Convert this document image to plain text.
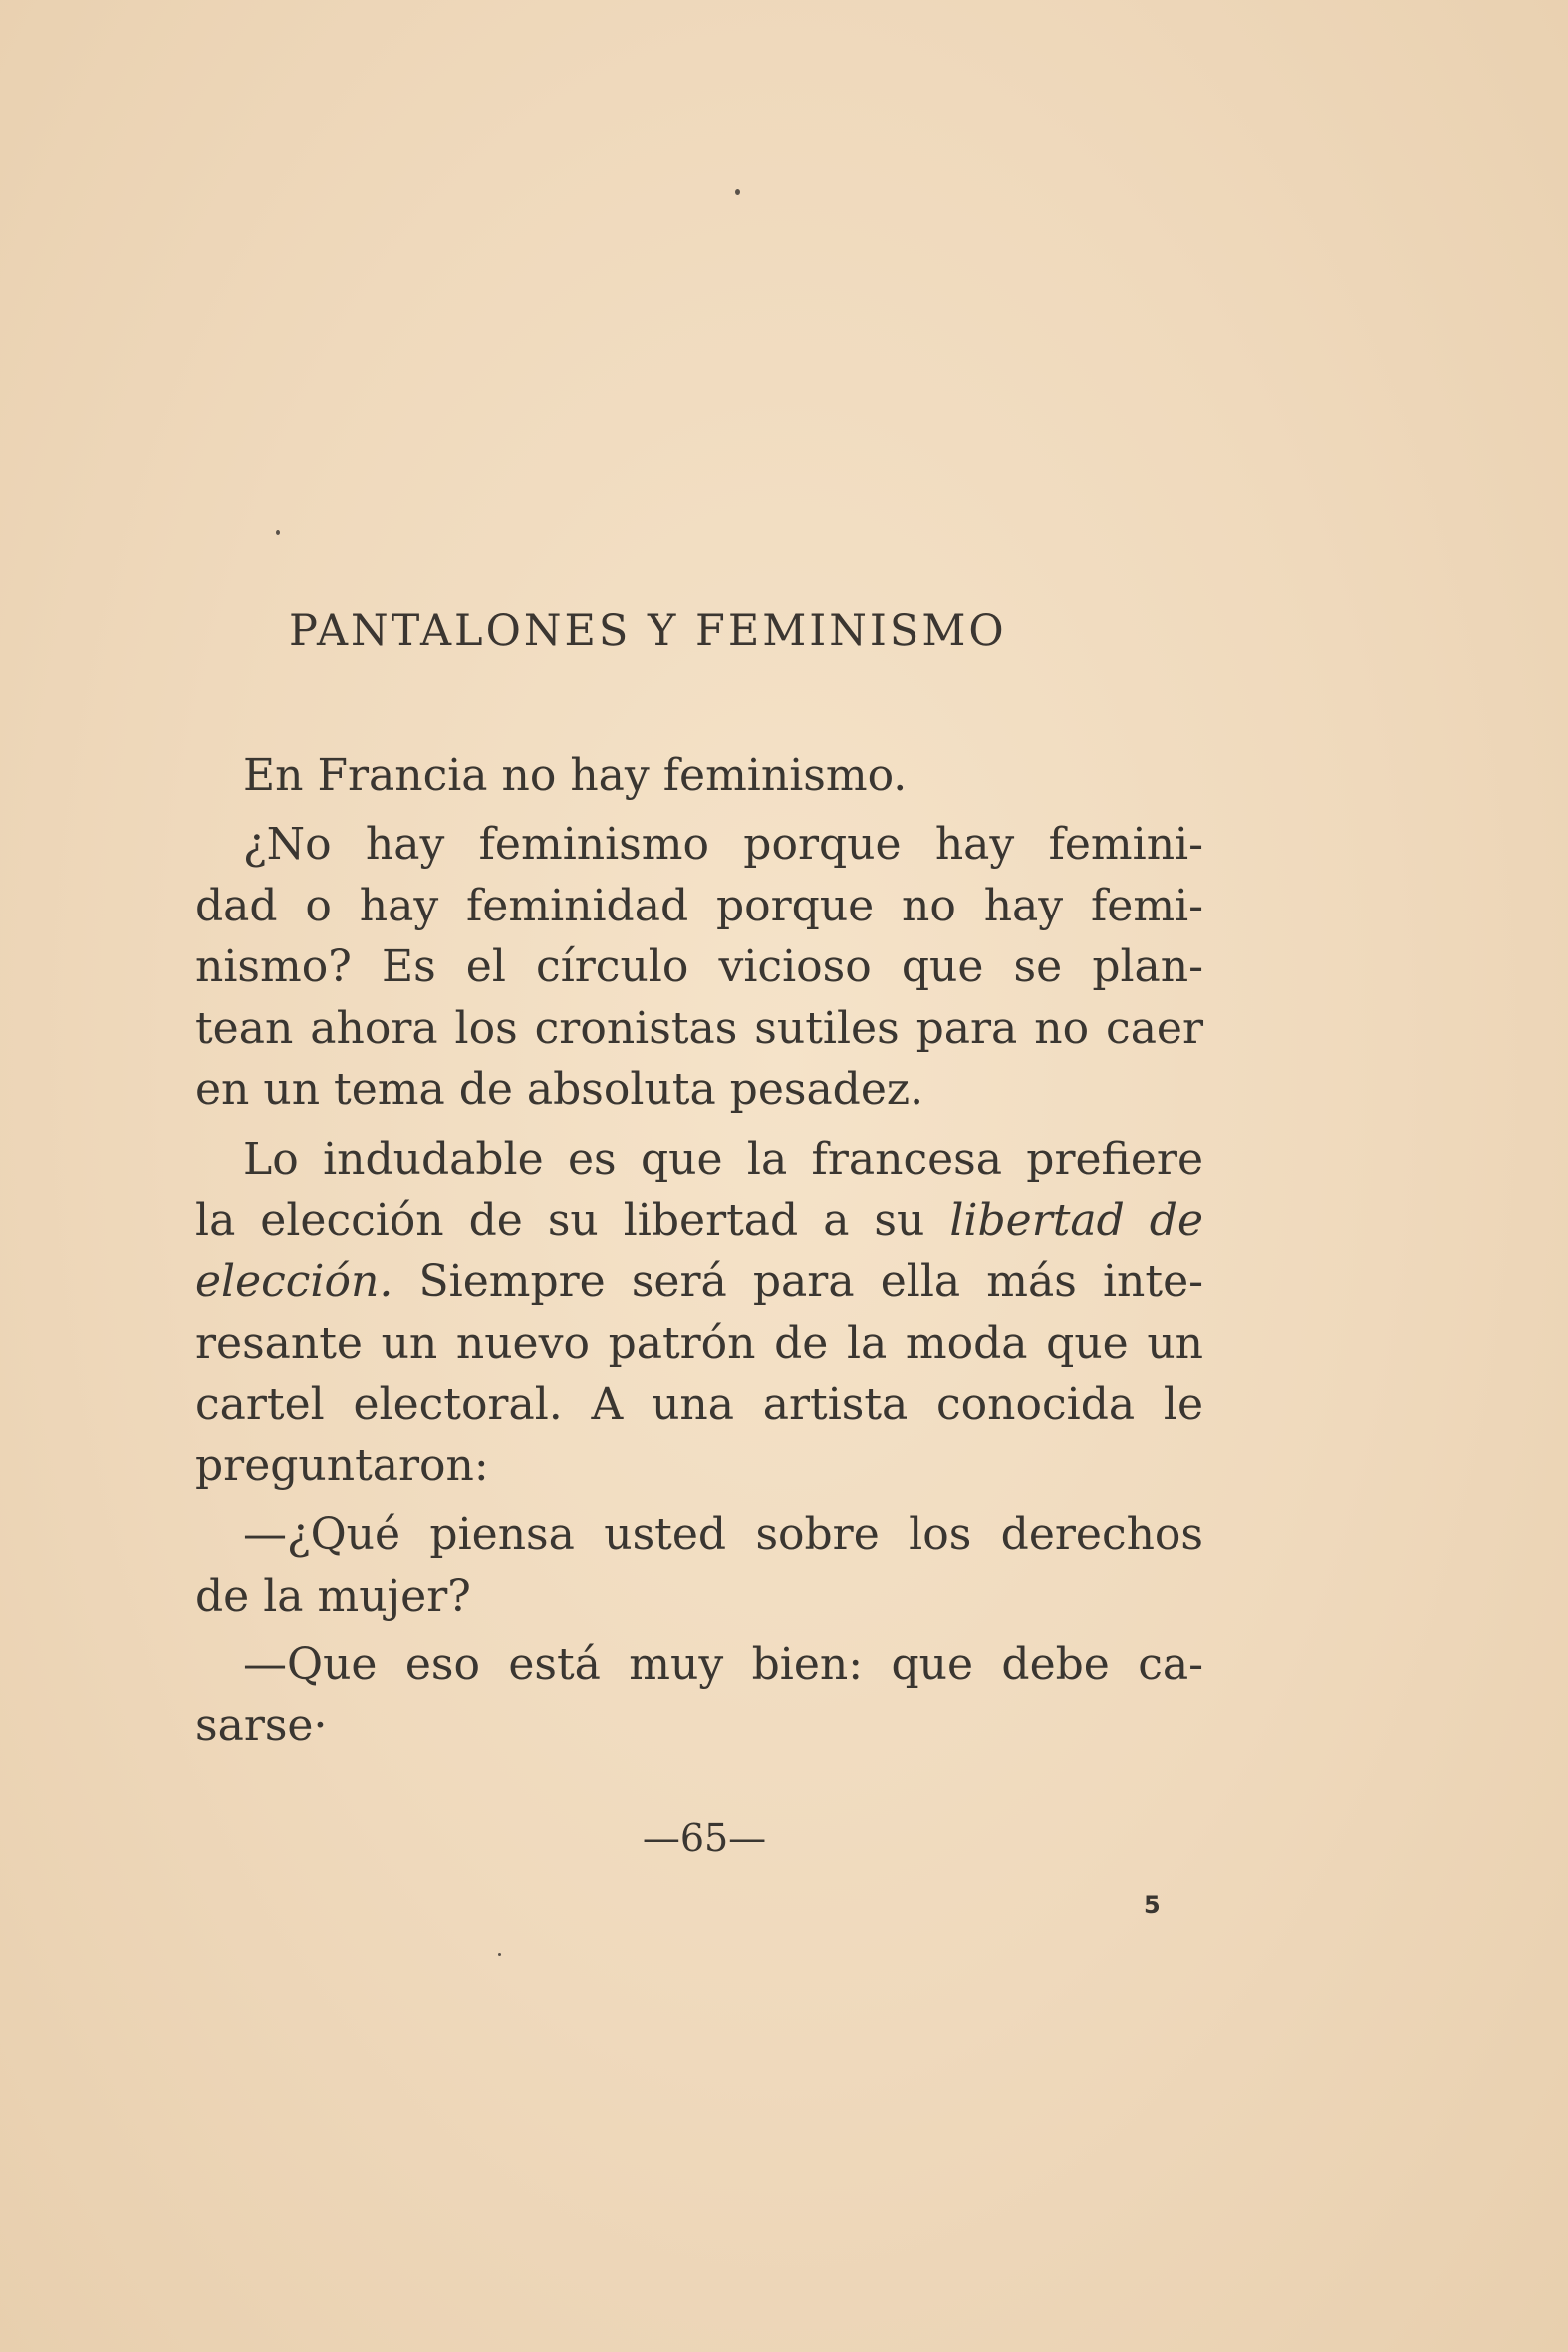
PANTALONES Y FEMINISMO
En Francia no hay feminismo.
¿No hay feminismo porque hay femini-
dad o hay feminidad porque no hay femi-
nismo? Es el círculo vicioso que se plan-
tean ahora los cronistas sutiles para no caer
en un tema de absoluta pesadez.
Lo indudable es que la francesa prefiere
la elección de su libertad a su libertad de
elección. Siempre será para ella más inte-
resante un nuevo patrón de la moda que un
cartel electoral. A una artista conocida le
preguntaron:
—¿Qué piensa usted sobre los derechos
de la mujer?
—Que eso está muy bien: que debe ca-
sarse·
—65—
5
